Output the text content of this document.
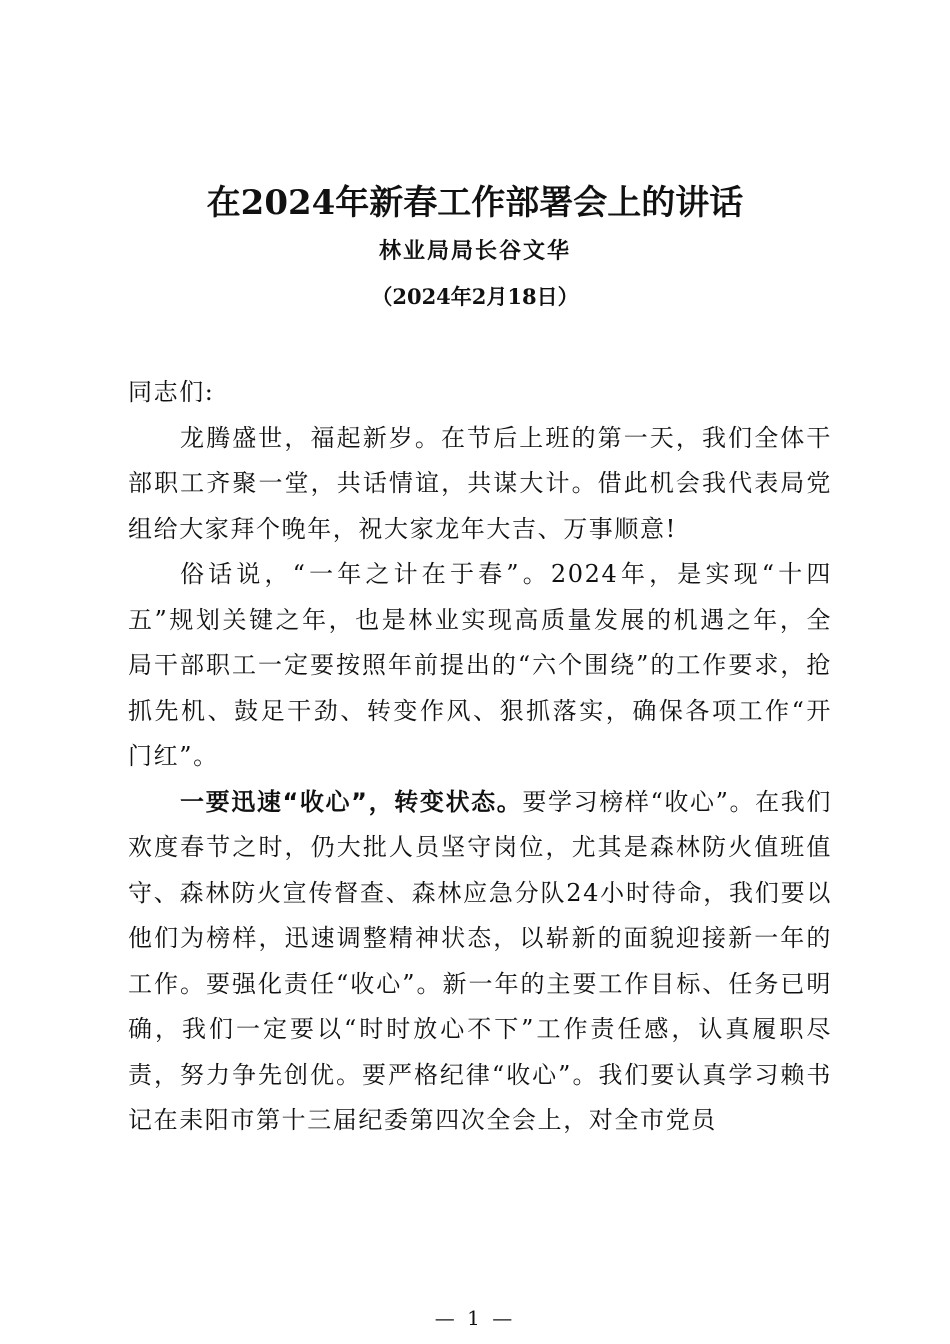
在2024年新春工作部署会上的讲话
林业局局长谷文华
（2024年2月18日）

同志们:

龙腾盛世，福起新岁。在节后上班的第一天，我们全体干部职工齐聚一堂，共话情谊，共谋大计。借此机会我代表局党组给大家拜个晚年，祝大家龙年大吉、万事顺意!

俗话说，“一年之计在于春”。2024年，是实现“十四五”规划关键之年，也是林业实现高质量发展的机遇之年，全局干部职工一定要按照年前提出的“六个围绕”的工作要求，抢抓先机、鼓足干劲、转变作风、狠抓落实，确保各项工作“开门红”。

一要迅速“收心”，转变状态。要学习榜样“收心”。在我们欢度春节之时，仍大批人员坚守岗位，尤其是森林防火值班值守、森林防火宣传督查、森林应急分队24小时待命，我们要以他们为榜样，迅速调整精神状态，以崭新的面貌迎接新一年的工作。要强化责任“收心”。新一年的主要工作目标、任务已明确，我们一定要以“时时放心不下”工作责任感，认真履职尽责，努力争先创优。要严格纪律“收心”。我们要认真学习赖书记在耒阳市第十三届纪委第四次全会上，对全市党员

— 1 —
